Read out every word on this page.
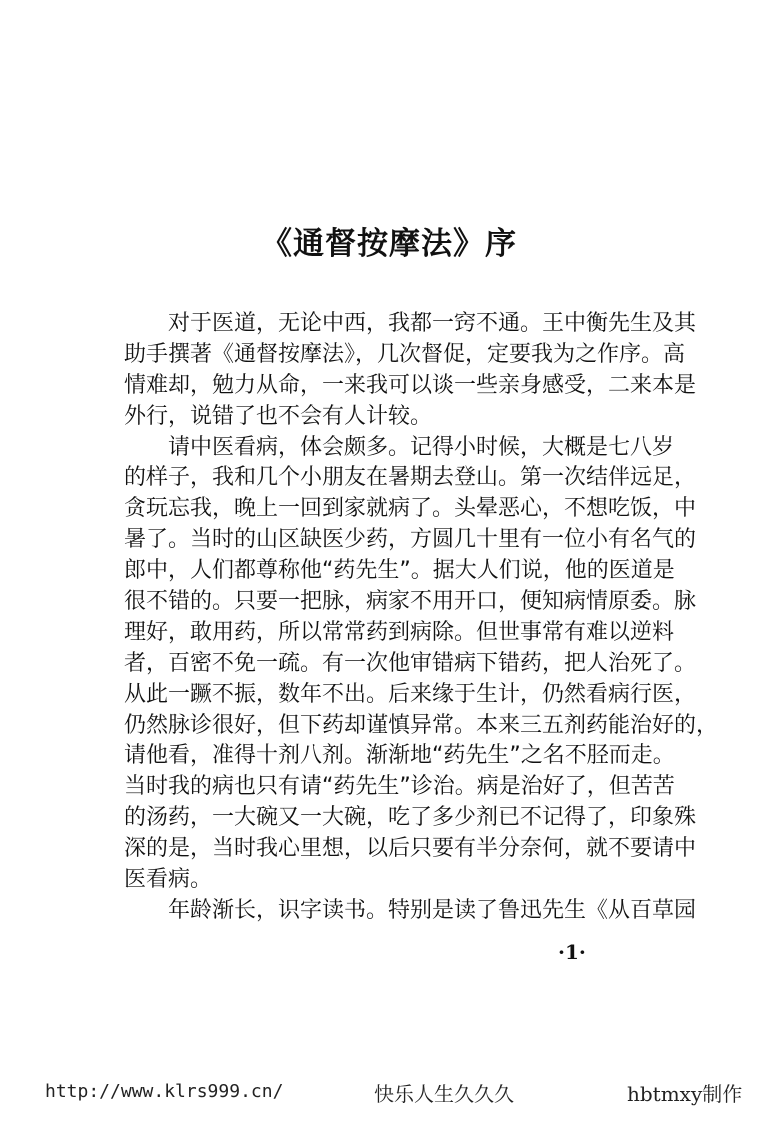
《通督按摩法》序
对于医道，无论中西，我都一窍不通。王中衡先生及其
助手撰著《通督按摩法》，几次督促，定要我为之作序。高
情难却，勉力从命，一来我可以谈一些亲身感受，二来本是
外行，说错了也不会有人计较。
请中医看病，体会颇多。记得小时候，大概是七八岁
的样子，我和几个小朋友在暑期去登山。第一次结伴远足，
贪玩忘我，晚上一回到家就病了。头晕恶心，不想吃饭，中
暑了。当时的山区缺医少药，方圆几十里有一位小有名气的
郎中，人们都尊称他“药先生”。据大人们说，他的医道是
很不错的。只要一把脉，病家不用开口，便知病情原委。脉
理好，敢用药，所以常常药到病除。但世事常有难以逆料
者，百密不免一疏。有一次他审错病下错药，把人治死了。
从此一蹶不振，数年不出。后来缘于生计，仍然看病行医，
仍然脉诊很好，但下药却谨慎异常。本来三五剂药能治好的，
请他看，准得十剂八剂。渐渐地“药先生”之名不胫而走。
当时我的病也只有请“药先生”诊治。病是治好了，但苦苦
的汤药，一大碗又一大碗，吃了多少剂已不记得了，印象殊
深的是，当时我心里想，以后只要有半分奈何，就不要请中
医看病。
年龄渐长，识字读书。特别是读了鲁迅先生《从百草园
·1·
http://www.klrs999.cn/	快乐人生久久久	hbtmxy制作
